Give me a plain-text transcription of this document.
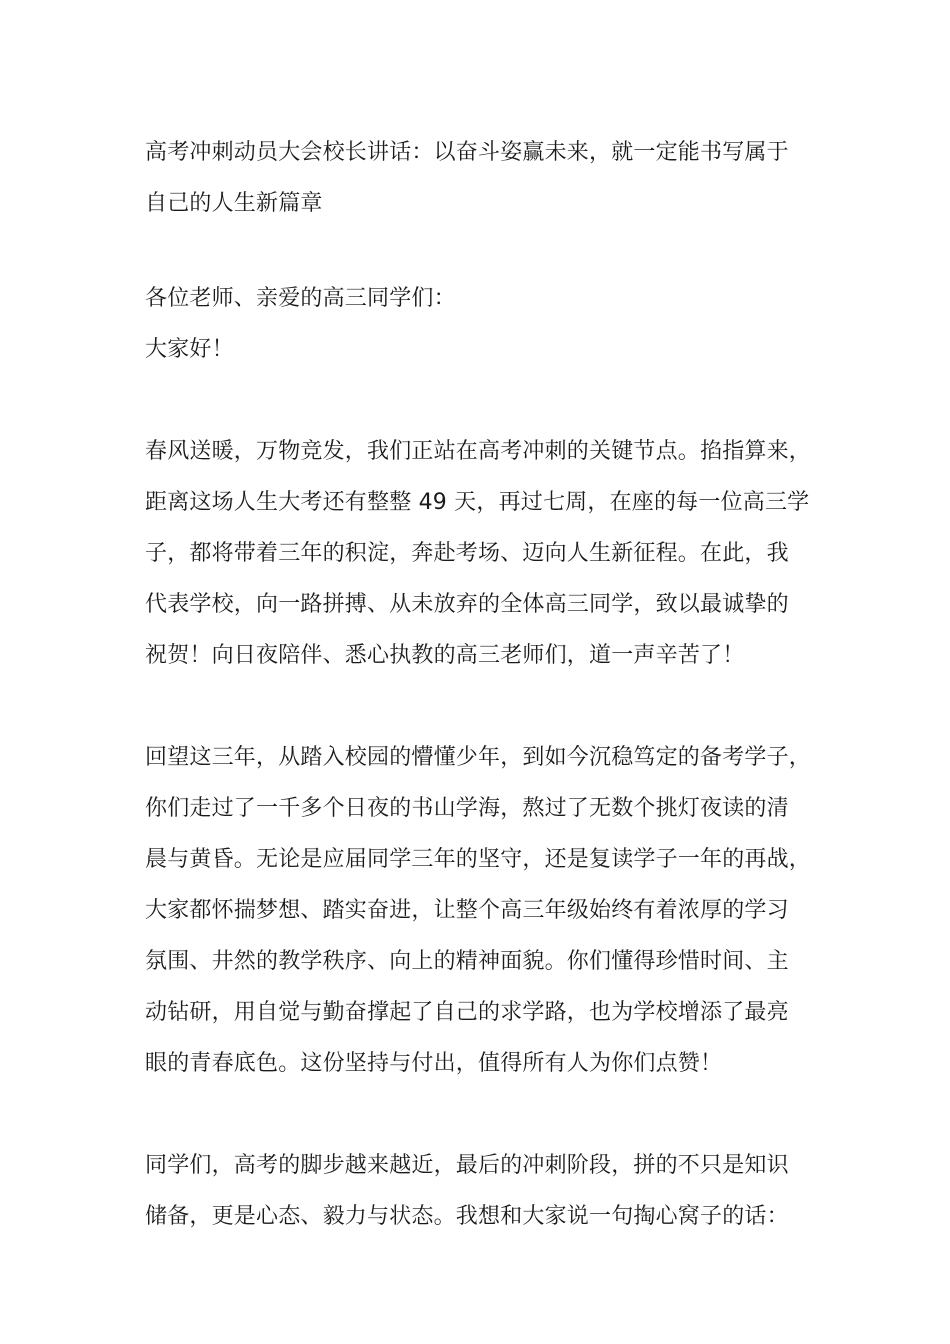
高考冲刺动员大会校长讲话：以奋斗姿赢未来，就一定能书写属于
自己的人生新篇章
各位老师、亲爱的高三同学们：
大家好！
春风送暖，万物竞发，我们正站在高考冲刺的关键节点。掐指算来，
距离这场人生大考还有整整 49 天，再过七周，在座的每一位高三学
子，都将带着三年的积淀，奔赴考场、迈向人生新征程。在此，我
代表学校，向一路拼搏、从未放弃的全体高三同学，致以最诚挚的
祝贺！向日夜陪伴、悉心执教的高三老师们，道一声辛苦了！
回望这三年，从踏入校园的懵懂少年，到如今沉稳笃定的备考学子，
你们走过了一千多个日夜的书山学海，熬过了无数个挑灯夜读的清
晨与黄昏。无论是应届同学三年的坚守，还是复读学子一年的再战，
大家都怀揣梦想、踏实奋进，让整个高三年级始终有着浓厚的学习
氛围、井然的教学秩序、向上的精神面貌。你们懂得珍惜时间、主
动钻研，用自觉与勤奋撑起了自己的求学路，也为学校增添了最亮
眼的青春底色。这份坚持与付出，值得所有人为你们点赞！
同学们，高考的脚步越来越近，最后的冲刺阶段，拼的不只是知识
储备，更是心态、毅力与状态。我想和大家说一句掏心窝子的话：
